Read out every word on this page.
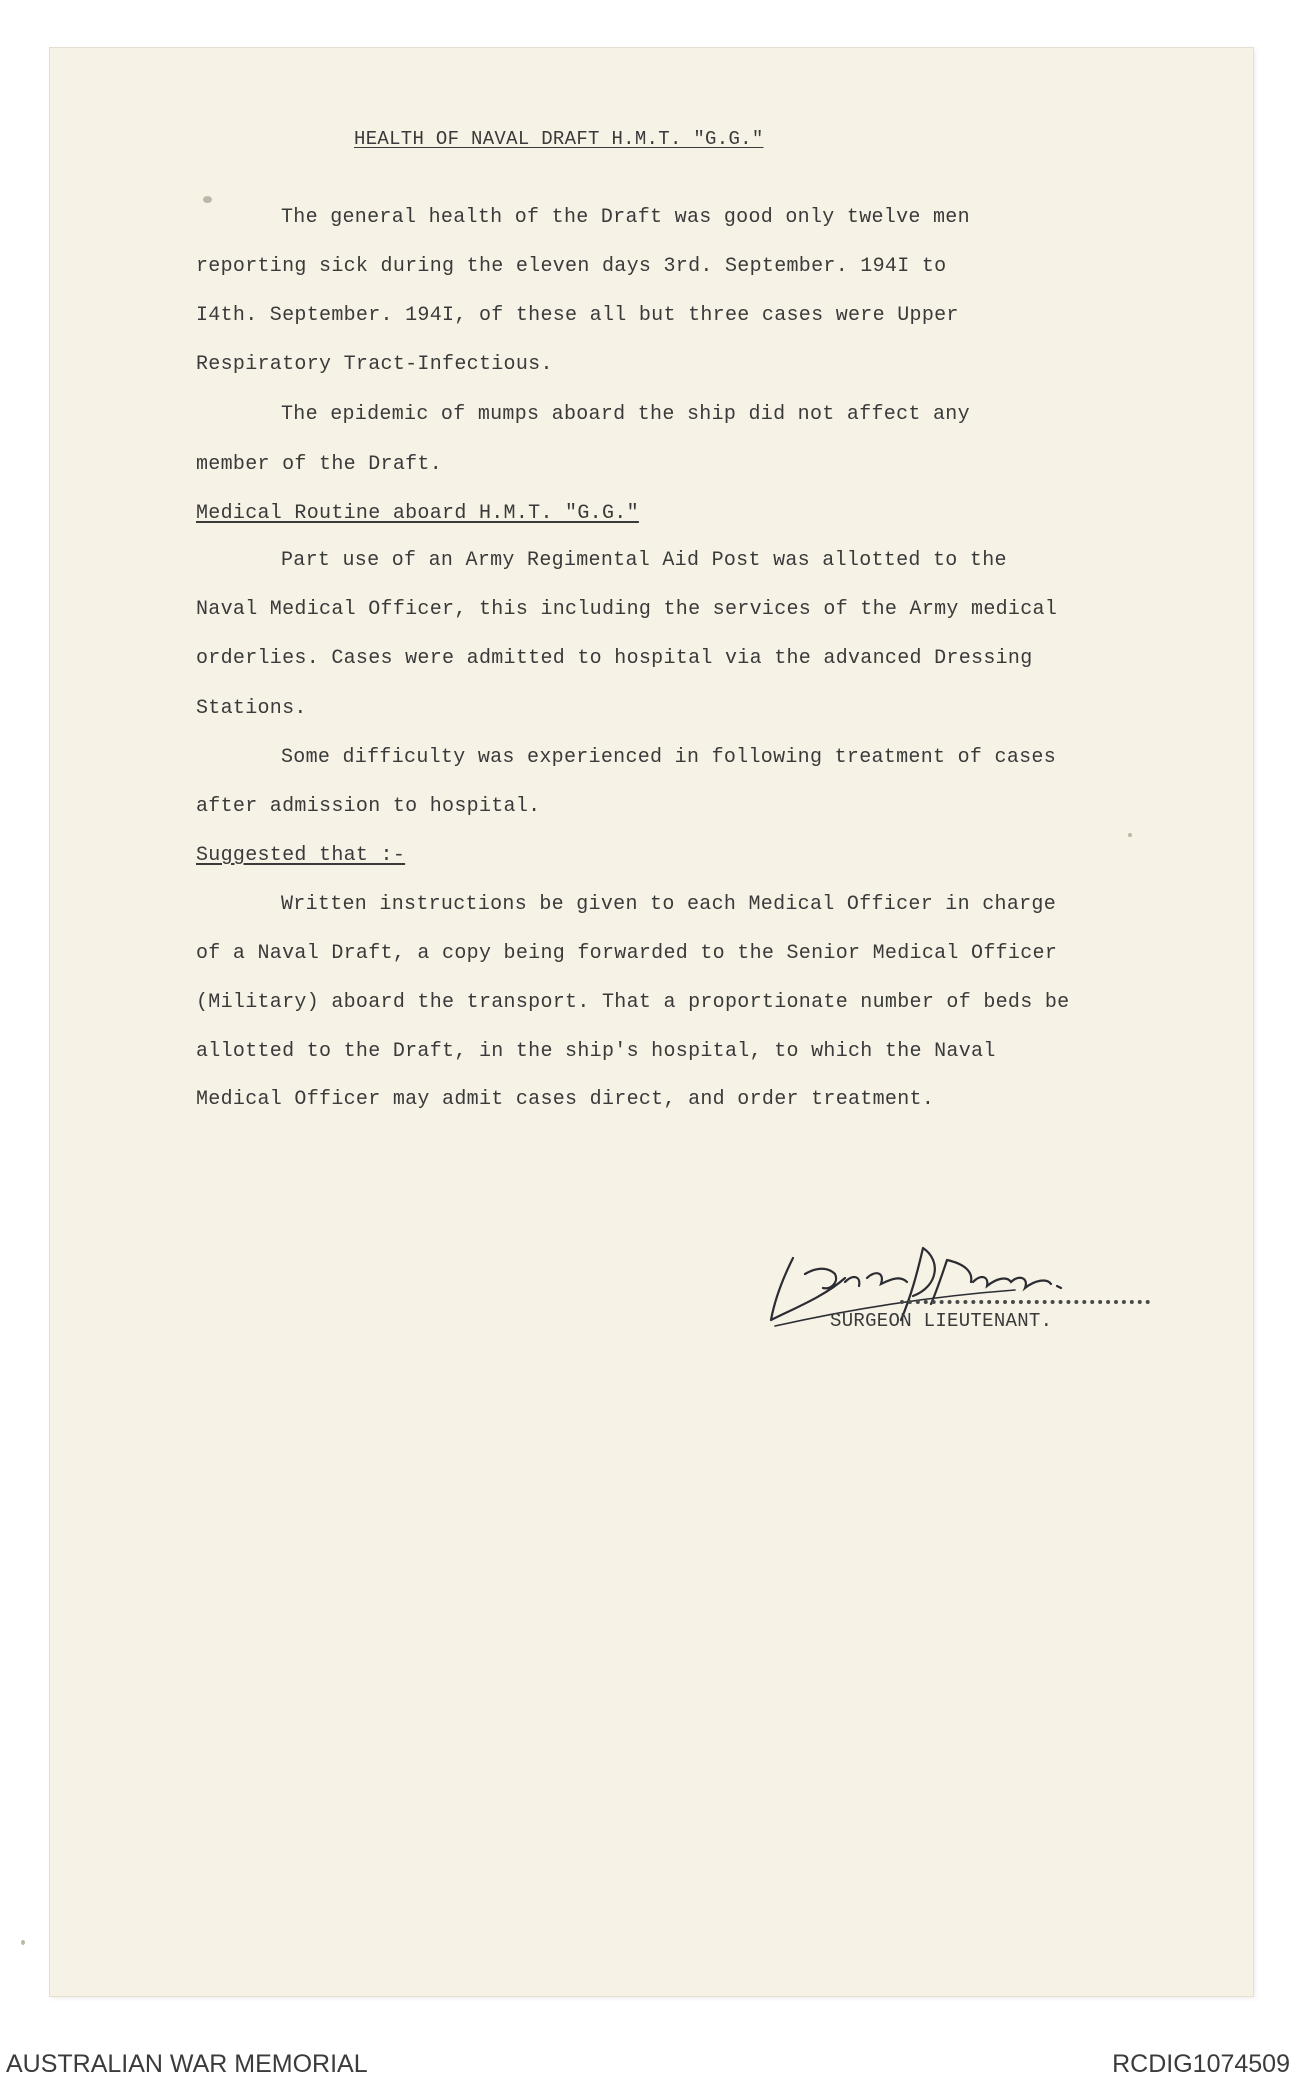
HEALTH OF NAVAL DRAFT H.M.T. "G.G."
The general health of the Draft was good only twelve men
reporting sick during the eleven days 3rd. September. 194I to
I4th. September. 194I, of these all but three cases were Upper
Respiratory Tract-Infectious.
The epidemic of mumps aboard the ship did not affect any
member of the Draft.
Medical Routine aboard H.M.T. "G.G."
Part use of an Army Regimental Aid Post was allotted to the
Naval Medical Officer, this including the services of the Army medical
orderlies. Cases were admitted to hospital via the advanced Dressing
Stations.
Some difficulty was experienced in following treatment of cases
after admission to hospital.
Suggested that :-
Written instructions be given to each Medical Officer in charge
of a Naval Draft, a copy being forwarded to the Senior Medical Officer
(Military) aboard the transport. That a proportionate number of beds be
allotted to the Draft, in the ship's hospital, to which the Naval
Medical Officer may admit cases direct, and order treatment.
SURGEON LIEUTENANT.
AUSTRALIAN WAR MEMORIAL	RCDIG1074509
